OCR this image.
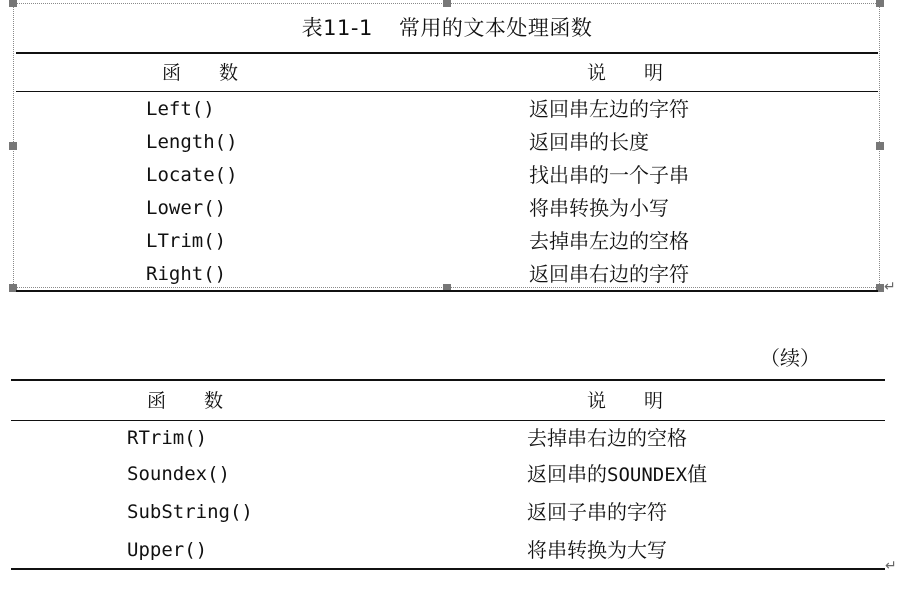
表11-1 常用的文本处理函数
函　　数	说　　明
Left()	返回串左边的字符
Length()	返回串的长度
Locate()	找出串的一个子串
Lower()	将串转换为小写
LTrim()	去掉串左边的空格
Right()	返回串右边的字符
↵
（续）
函　　数	说　　明
RTrim()	去掉串右边的空格
Soundex()	返回串的SOUNDEX值
SubString()	返回子串的字符
Upper()	将串转换为大写
↵
